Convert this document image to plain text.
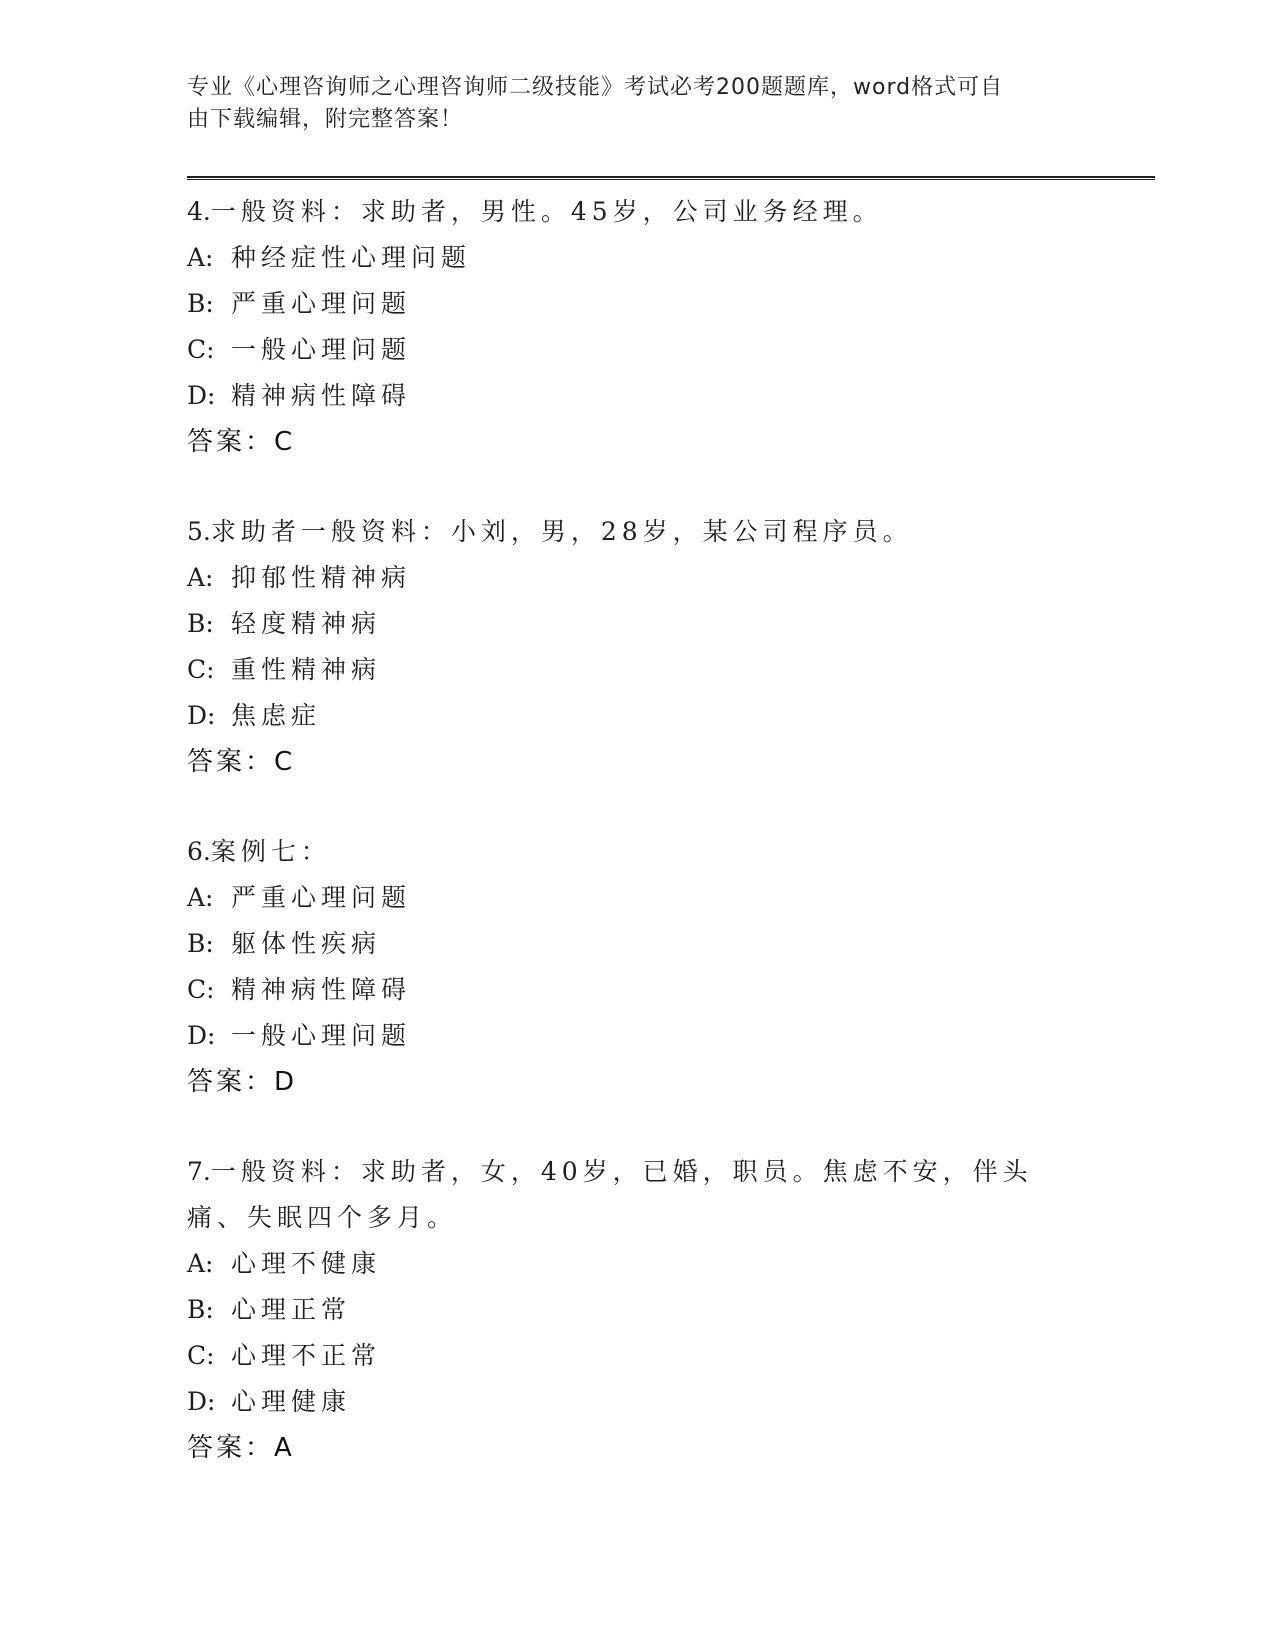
专业《心理咨询师之心理咨询师二级技能》考试必考200题题库，word格式可自
由下载编辑，附完整答案！
4.一般资料：求助者，男性。45岁，公司业务经理。
A: 种经症性心理问题
B: 严重心理问题
C: 一般心理问题
D: 精神病性障碍
答案：C
5.求助者一般资料：小刘，男，28岁，某公司程序员。
A: 抑郁性精神病
B: 轻度精神病
C: 重性精神病
D: 焦虑症
答案：C
6.案例七：
A: 严重心理问题
B: 躯体性疾病
C: 精神病性障碍
D: 一般心理问题
答案：D
7.一般资料：求助者，女，40岁，已婚，职员。焦虑不安，伴头痛、失眠四个多月。
A: 心理不健康
B: 心理正常
C: 心理不正常
D: 心理健康
答案：A
